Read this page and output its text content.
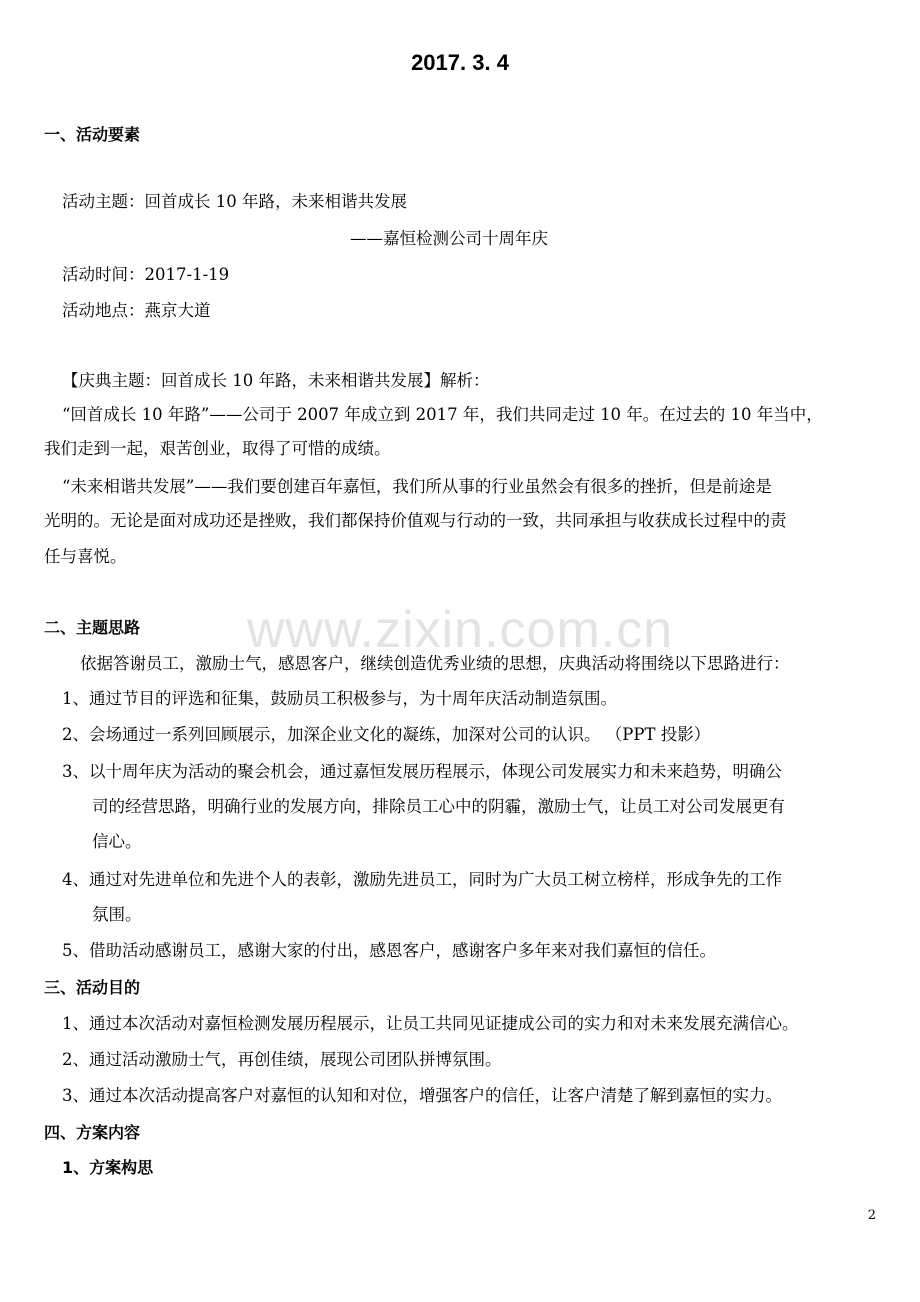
www.zixin.com.cn
2017. 3. 4
一、活动要素
活动主题：回首成长 10 年路，未来相谐共发展
——嘉恒检测公司十周年庆
活动时间：2017-1-19
活动地点：燕京大道
【庆典主题：回首成长 10 年路，未来相谐共发展】解析：
“回首成长 10 年路”——公司于 2007 年成立到 2017 年，我们共同走过 10 年。在过去的 10 年当中，
我们走到一起，艰苦创业，取得了可惜的成绩。
“未来相谐共发展”——我们要创建百年嘉恒，我们所从事的行业虽然会有很多的挫折，但是前途是
光明的。无论是面对成功还是挫败，我们都保持价值观与行动的一致，共同承担与收获成长过程中的责
任与喜悦。
二、主题思路
依据答谢员工，激励士气，感恩客户，继续创造优秀业绩的思想，庆典活动将围绕以下思路进行：
1、通过节目的评选和征集，鼓励员工积极参与，为十周年庆活动制造氛围。
2、会场通过一系列回顾展示，加深企业文化的凝练，加深对公司的认识。 （PPT 投影）
3、以十周年庆为活动的聚会机会，通过嘉恒发展历程展示，体现公司发展实力和未来趋势，明确公
司的经营思路，明确行业的发展方向，排除员工心中的阴霾，激励士气，让员工对公司发展更有
信心。
4、通过对先进单位和先进个人的表彰，激励先进员工，同时为广大员工树立榜样，形成争先的工作
氛围。
5、借助活动感谢员工，感谢大家的付出，感恩客户，感谢客户多年来对我们嘉恒的信任。
三、活动目的
1、通过本次活动对嘉恒检测发展历程展示，让员工共同见证捷成公司的实力和对未来发展充满信心。
2、通过活动激励士气，再创佳绩，展现公司团队拼博氛围。
3、通过本次活动提高客户对嘉恒的认知和对位，增强客户的信任，让客户清楚了解到嘉恒的实力。
四、方案内容
1、方案构思
2
